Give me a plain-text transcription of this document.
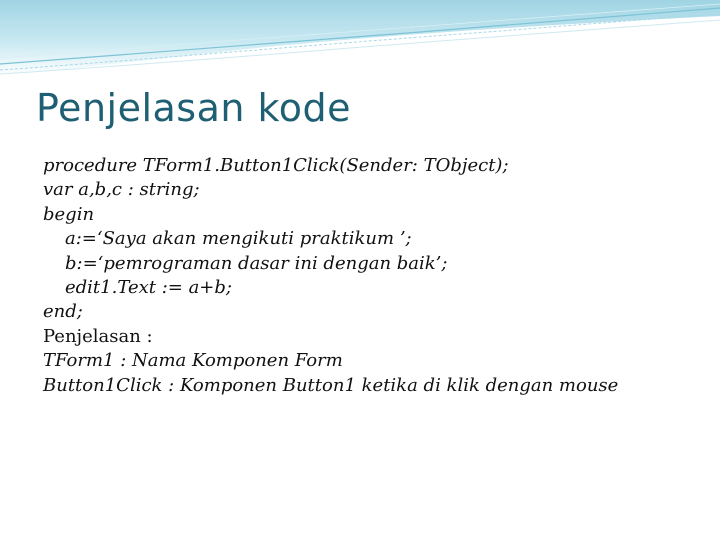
Penjelasan kode
procedure TForm1.Button1Click(Sender: TObject);
var a,b,c : string;
begin
a:=‘Saya akan mengikuti praktikum ’;
b:=‘pemrograman dasar ini dengan baik’;
edit1.Text := a+b;
end;
Penjelasan :
TForm1 : Nama Komponen Form
Button1Click : Komponen Button1 ketika di klik dengan mouse
